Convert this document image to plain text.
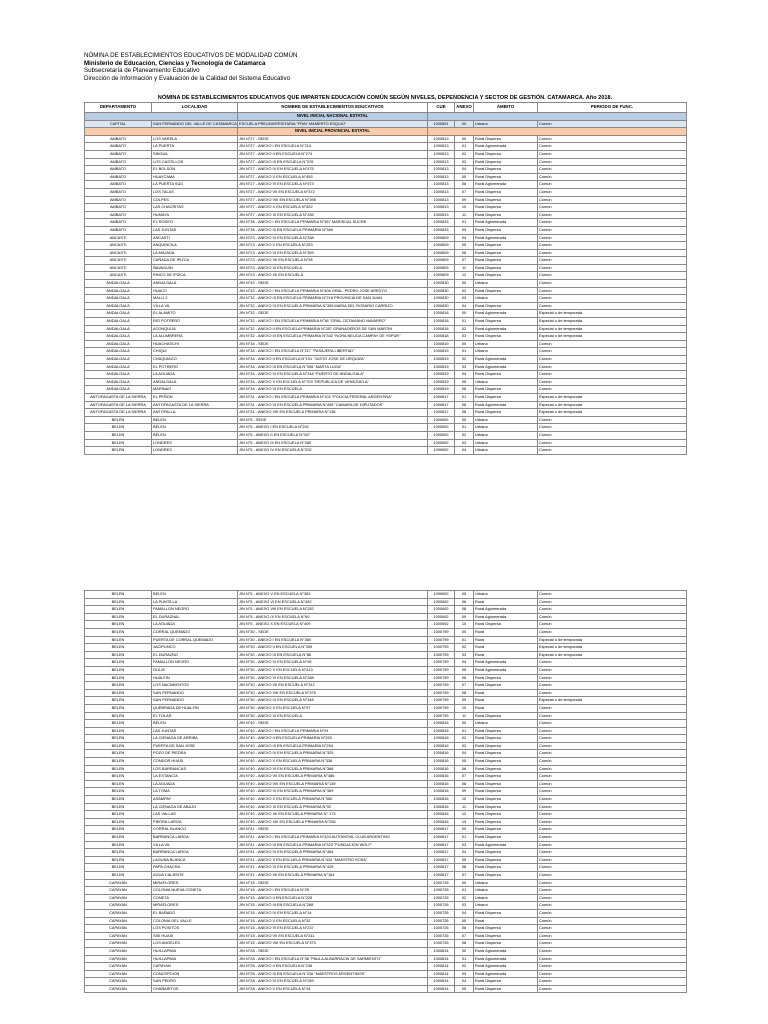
NÓMINA DE ESTABLECIMIENTOS EDUCATIVOS DE MODALIDAD COMÚN
Ministerio de Educación, Ciencias y Tecnología de Catamarca
Subsecretaría de Planeamiento Educativo
Dirección de Información y Evaluación de la Calidad del Sistema Educativo
NÓMINA DE ESTABLECIMIENTOS EDUCATIVOS QUE IMPARTEN EDUCACIÓN COMÚN SEGÚN NIVELES, DEPENDENCIA Y SECTOR DE GESTIÓN. CATAMARCA. Año 2018.
DEPARTAMENTO	LOCALIDAD	NOMBRE DE ESTABLECIMIENTOS EDUCATIVOS	CUE	ANEXO	ÁMBITO	PERIODO DE FUNC.
		NIVEL INICIAL NACIONAL ESTATAL				
CAPITAL	SAN FERNANDO DEL VALLE DE CATAMARCA	ESCUELA PREUNIVERSITARIA "FRAY MAMERTO ESQUIÚ"	1000651	00	Urbano	Común
		NIVEL INICIAL PROVINCIAL ESTATAL				
AMBATO	LOS VARELA	JIN N°27 - SEDE	1000813	00	Rural Dispersa	Común
AMBATO	LA PUERTA	JIN N°27 - ANEXO I EN ESCUELA N°210	1000813	01	Rural Aglomerada	Común
AMBATO	SINGUIL	JIN N°27 - ANEXO II EN ESCUELA N°274	1000813	02	Rural Dispersa	Común
AMBATO	LOS CASTILLOS	JIN N°27 - ANEXO III EN ESCUELA N°376	1000813	03	Rural Dispersa	Común
AMBATO	EL BOLSON	JIN N°27 - ANEXO IV EN ESCUELA N°475	1000813	04	Rural Dispersa	Común
AMBATO	HUAYCAMA	JIN N°27 - ANEXO V EN ESCUELA N°455	1000813	05	Rural Dispersa	Común
AMBATO	LA PUERTA SUD	JIN N°27 - ANEXO VI EN ESCUELA N°573	1000813	06	Rural Aglomerada	Común
AMBATO	LOS TALAS	JIN N°27 - ANEXO VII EN ESCUELA N°372	1000813	07	Rural Dispersa	Común
AMBATO	COLPES	JIN N°27 - ANEXO VIII EN ESCUELA N°398	1000813	09	Rural Dispersa	Común
AMBATO	LAS CHACRITAS	JIN N°27 - ANEXO X EN ESCUELA N°502	1000813	10	Rural Dispersa	Común
AMBATO	HUMAYA	JIN N°27 - ANEXO XI EN ESCUELA N°335	1000813	11	Rural Dispersa	Común
AMBATO	EL RODEO	JIN N°38 - ANEXO I EN ESCUELA PRIMARIA N°357 MARISCAL SUCRE	1000833	01	Rural Aglomerada	Común
AMBATO	LAS JUNTAS	JIN N°38 - ANEXO III EN ESCUELA PRIMARIA N°369	1000833	03	Rural Dispersa	Común
ANCASTI	ANCASTI	JIN N°23 - ANEXO IV EN ESCUELA N°338	1000809	04	Rural Aglomerada	Común
ANCASTI	ANQUINCILA	JIN N°23 - ANEXO V EN ESCUELA N°253	1000809	05	Rural Dispersa	Común
ANCASTI	LA MAJADA	JIN N°23 - ANEXO VI EN ESCUELA N°359	1000809	06	Rural Dispersa	Común
ANCASTI	CAÑADA DE IPIZCA	JIN N°23 - ANEXO VII EN ESCUELA N°28	1000809	07	Rural Dispersa	Común
ANCASTI	ÑAVAGUIN	JIN N°23 - ANEXO XI EN ESCUELA	1000809	11	Rural Dispersa	Común
ANCASTI	RINCO DE IPIZCA	JIN N°23 - ANEXO XII EN ESCUELA	1000809	12	Rural Dispersa	Común
ANDALGALA	ANDALGALA	JIN N°32 - SEDE	1000830	00	Urbano	Común
ANDALGALA	HUACO	JIN N°32 - ANEXO I EN ESCUELA PRIMARIA N°406 GRAL. PEDRO JOSE AREDYO	1000830	02	Rural Dispersa	Común
ANDALGALA	MALLI 2	JIN N°32 - ANEXO III EN ESCUELA PRIMARIA N°218 PROVINCIA DE SAN JUAN	1000830	03	Urbano	Común
ANDALGALA	VILLA VIL	JIN N°32 - ANEXO IV EN ESCUELA PRIMARIA N°305 MARIA DEL ROSARIO CARRIZO	1000830	04	Rural Dispersa	Común
ANDALGALA	EL ALAMITO	JIN N°32 - SEDE	1000818	00	Rural Aglomerada	Especial o de temporada
ANDALGALA	RIO POTRERO	JIN N°32 - ANEXO I EN ESCUELA PRIMARIA N°36 "GRAL OCTAVIANO NAVARRO"	1000818	01	Rural Dispersa	Especial o de temporada
ANDALGALA	ACONQUIJA	JIN N°32 - ANEXO II EN ESCUELA PRIMARIA N°287 GRANADEROS DE SAN MARTIN	1000818	02	Rural Aglomerada	Especial o de temporada
ANDALGALA	LA ALUMBRERA	JIN N°32 - ANEXO III EN ESCUELA PRIMARIA N°342 "NORA NELIDA CAMPAY DE YSPUR"	1000818	03	Rural Dispersa	Especial o de temporada
ANDALGALA	HUACHASCHI	JIN N°34 - SEDE	1000819	00	Urbano	Común
ANDALGALA	CHIQUI	JIN N°34 - ANEXO I EN ESCUELA N°217 "PASAJERA LIBERTAD"	1000819	01	Urbano	Común
ANDALGALA	CHAQUIAGO	JIN N°34 - ANEXO II EN ESCUELA N°191 "JUSTO JOSE DE URQUIZA"	1000819	02	Rural Aglomerada	Común
ANDALGALA	EL POTRERO	JIN N°34 - ANEXO III EN ESCUELA N°398 "MARTA LUGA"	1000819	03	Rural Aglomerada	Común
ANDALGALA	LA AGUADA	JIN N°34 - ANEXO IV EN ESCUELA N°318 "PUERTO DE ANDALGALA"	1000819	04	Rural Dispersa	Común
ANDALGALA	ANDALGALA	JIN N°34 - ANEXO V EN ESCUELA N°703 "REPUBLICA DE VENEZUELA"	1000819	05	Urbano	Común
ANDALGALA	MARINAO	JIN N°34 - ANEXO VI EN ESCUELA	1000819	06	Rural Dispersa	Común
ANTOFAGASTA DE LA SIERRA	EL PEÑON	JIN N°31 - ANEXO I EN ESCUELA PRIMARIA N°102 "POLICIA FEDERAL ARGENTINA"	1000817	01	Rural Dispersa	Especial o de temporada
ANTOFAGASTA DE LA SIERRA	ANTOFAGASTA DE LA SIERRA	JIN N°31 - ANEXO VI EN ESCUELA PRIMARIA N°498 "CAMARA DE DIPUTADOS"	1000817	06	Rural Aglomerada	Especial o de temporada
ANTOFAGASTA DE LA SIERRA	ANTOFALLA	JIN N°31 - ANEXO VIII EN ESCUELA PRIMARIA N°136	1000817	08	Rural Dispersa	Especial o de temporada
BELEN	BELEN	JIN N°5 - SEDE	1000692	00	Urbano	Común
BELEN	BELEN	JIN N°5 - ANEXO I EN ESCUELA N°201	1000692	01	Urbano	Común
BELEN	BELEN	JIN N°5 - ANEXO II EN ESCUELA N°337	1000692	02	Urbano	Común
BELEN	LONDRES	JIN N°5 - ANEXO III EN ESCUELA N°280	1000692	03	Urbano	Común
BELEN	LONDRES	JIN N°5 - ANEXO IV EN ESCUELA N°202	1000692	04	Urbano	Común
BELEN	BELEN	JIN N°5 - ANEXO V EN ESCUELA N°363	1000692	05	Urbano	Común
BELEN	LA PUNTILLA	JIN N°5 - ANEXO VI EN ESCUELA N°452	1000692	06	Rural	Común
BELEN	FAMALLON NEGRO	JIN N°5 - ANEXO VIII EN ESCUELA N°252	1000692	08	Rural Aglomerada	Común
BELEN	EL DURAZNAL	JIN N°5 - ANEXO IX EN ESCUELA N°60	1000692	09	Rural Aglomerada	Común
BELEN	LA AGUADA	JIN N°5 - ANEXO X EN ESCUELA N°409	1000692	10	Rural Dispersa	Común
BELEN	CORRAL QUEMADO	JIN N°30 - SEDE	1000799	00	Rural	Común
BELEN	PUERTA DE CORRAL QUEMADO	JIN N°30 - ANEXO I EN ESCUELA N°360	1000799	01	Rural	Especial o de temporada
BELEN	JACIPUNCO	JIN N°30 - ANEXO II EN ESCUELA N°359	1000799	02	Rural	Especial o de temporada
BELEN	EL DURAZNO	JIN N°30 - ANEXO III EN ESCUELA N°86	1000799	03	Rural	Especial o de temporada
BELEN	FAMALLON NEGRO	JIN N°30 - ANEXO IV EN ESCUELA N°99	1000799	04	Rural Aglomerada	Común
BELEN	OLILIE	JIN N°30 - ANEXO V EN ESCUELA N°413	1000799	05	Rural Aglomerada	Común
BELEN	HUALFIN	JIN N°30 - ANEXO VI EN ESCUELA N°288	1000799	06	Rural Dispersa	Común
BELEN	LOS NACIMIENTOS	JIN N°30 - ANEXO VII EN ESCUELA N°312	1000799	07	Rural Dispersa	Común
BELEN	SAN FERNANDO	JIN N°30 - ANEXO VIII EN ESCUELA N°375	1000799	08	Rural	Común
BELEN	SAN FERNANDO	JIN N°30 - ANEXO IX EN ESCUELA N°348	1000799	09	Rural	Especial o de temporada
BELEN	QUEBRADA DE HUALFIN	JIN N°30 - ANEXO X EN ESCUELA N°97	1000799	10	Rural	Común
BELEN	EL TOLAR	JIN N°30 - ANEXO XI EN ESCUELA	1000799	11	Rural Dispersa	Común
BELEN	BELEN	JIN N°40 - SEDE	1000816	00	Urbano	Común
BELEN	LAS JUNTAS	JIN N°40 - ANEXO I EN ESCUELA PRIMARIA N°91	1000816	01	Rural Dispersa	Común
BELEN	LA CIENAGA DE ARRIBA	JIN N°40 - ANEXO II EN ESCUELA PRIMARIA N°253	1000816	02	Rural Dispersa	Común
BELEN	PUERTA DE SAN JOSE	JIN N°40 - ANEXO III EN ESCUELA PRIMARIA N°254	1000816	03	Rural Dispersa	Común
BELEN	POZO DE PIEDRA	JIN N°40 - ANEXO IV EN ESCUELA PRIMARIA N°325	1000816	04	Rural Dispersa	Común
BELEN	CONDOR HUASI	JIN N°40 - ANEXO V EN ESCUELA PRIMARIA N°336	1000816	05	Rural Dispersa	Común
BELEN	LOS BARRANCAS	JIN N°40 - ANEXO VI EN ESCUELA PRIMARIA N°368	1000816	06	Rural Dispersa	Común
BELEN	LA ESTANCIA	JIN N°40 - ANEXO VII EN ESCUELA PRIMARIA N°486	1000816	07	Rural Dispersa	Común
BELEN	LA AGUADA	JIN N°40 - ANEXO VIII EN ESCUELA PRIMARIA N°139	1000816	08	Rural Dispersa	Común
BELEN	LA TOMA	JIN N°40 - ANEXO IX EN ESCUELA PRIMARIA N°369	1000816	09	Rural Dispersa	Común
BELEN	ASAMPAY	JIN N°40 - ANEXO X EN ESCUELA PRIMARIA N°360	1000816	10	Rural Dispersa	Común
BELEN	LA CIENAGA DE ABAJO	JIN N°40 - ANEXO XI EN ESCUELA PRIMARIA N°92	1000816	11	Rural Dispersa	Común
BELEN	LAS VALLAS	JIN N°40 - ANEXO XII EN ESCUELA PRIMARIA N° 173	1000816	12	Rural Dispersa	Común
BELEN	PIEDRA LARGA	JIN N°40 - ANEXO XIII EN ESCUELA PRIMARIA N°255	1000816	13	Rural Dispersa	Común
BELEN	CORRAL BLANCO	JIN N°41 - SEDE	1000817	00	Rural Dispersa	Común
BELEN	BARRANCA LARGA	JIN N°41 - ANEXO I EN ESCUELA PRIMARIA N°420 AUTOMOVIL CLUB ARGENTINO	1000817	01	Rural Dispersa	Común
BELEN	VILLA VIL	JIN N°41 - ANEXO III EN ESCUELA PRIMARIA N°323 "FUNDACION WOLF"	1000817	03	Rural Aglomerada	Común
BELEN	BARRANCA LARGA	JIN N°41 - ANEXO IV EN ESCUELA PRIMARIA N°464	1000817	04	Rural Dispersa	Común
BELEN	LAGUNA BLANCA	JIN N°41 - ANEXO V EN ESCUELA PRIMARIA N°434 "MAESTRO SOSA"	1000817	05	Rural Dispersa	Común
BELEN	PAPA CHACRA	JIN N°41 - ANEXO VI EN ESCUELA PRIMARIA N°425	1000817	06	Rural Dispersa	Común
BELEN	AGUA CALIENTE	JIN N°41 - ANEXO VII EN ESCUELA PRIMARIA N°164	1000817	07	Rural Dispersa	Común
CAPAYAN	MIRAFLORES	JIN N°15 - SEDE	1000726	00	Urbano	Común
CAPAYAN	COLONIA NUEVA CONETA	JIN N°15 - ANEXO I EN ESCUELA N°29	1000726	01	Urbano	Común
CAPAYAN	CONETA	JIN N°15 - ANEXO II EN ESCUELA N°225	1000726	02	Urbano	Común
CAPAYAN	MIRAFLORES	JIN N°15 - ANEXO III EN ESCUELA N°288	1000726	03	Urbano	Común
CAPAYAN	EL BAÑADO	JIN N°15 - ANEXO IV EN ESCUELA N°14	1000726	04	Rural Dispersa	Común
CAPAYAN	COLONIA DEL VALLE	JIN N°15 - ANEXO V EN ESCUELA N°32	1000726	05	Rural	Común
CAPAYAN	LOS POSITOS	JIN N°15 - ANEXO VI EN ESCUELA N°237	1000726	06	Rural Dispersa	Común
CAPAYAN	SISI HUASI	JIN N°15 - ANEXO VII EN ESCUELA N°311	1000726	07	Rural Dispersa	Común
CAPAYAN	LOS ANGELES	JIN N°15 - ANEXO VIII EN ESCUELA N°373	1000726	08	Rural Dispersa	Común
CAPAYAN	HUILLAPIMA	JIN N°28 - SEDE	1000814	00	Rural Aglomerada	Común
CAPAYAN	HUILLAPIMA	JIN N°28 - ANEXO I EN ESCUELA N°36 "PAULA ALBARRACIN DE SARMIENTO"	1000814	01	Rural Aglomerada	Común
CAPAYAN	CAPAYAN	JIN N°28 - ANEXO II EN ESCUELA N°236	1000814	02	Rural Aglomerada	Común
CAPAYAN	CONCEPCION	JIN N°28 - ANEXO III EN ESCUELA N°236 "MAESTROS ARGENTINOS"	1000814	03	Rural Aglomerada	Común
CAPAYAN	SAN PEDRO	JIN N°28 - ANEXO IV EN ESCUELA N°289	1000814	04	Rural Dispersa	Común
CAPAYAN	CHAÑARITOS	JIN N°28 - ANEXO V EN ESCUELA N°34	1000814	05	Rural Dispersa	Común
